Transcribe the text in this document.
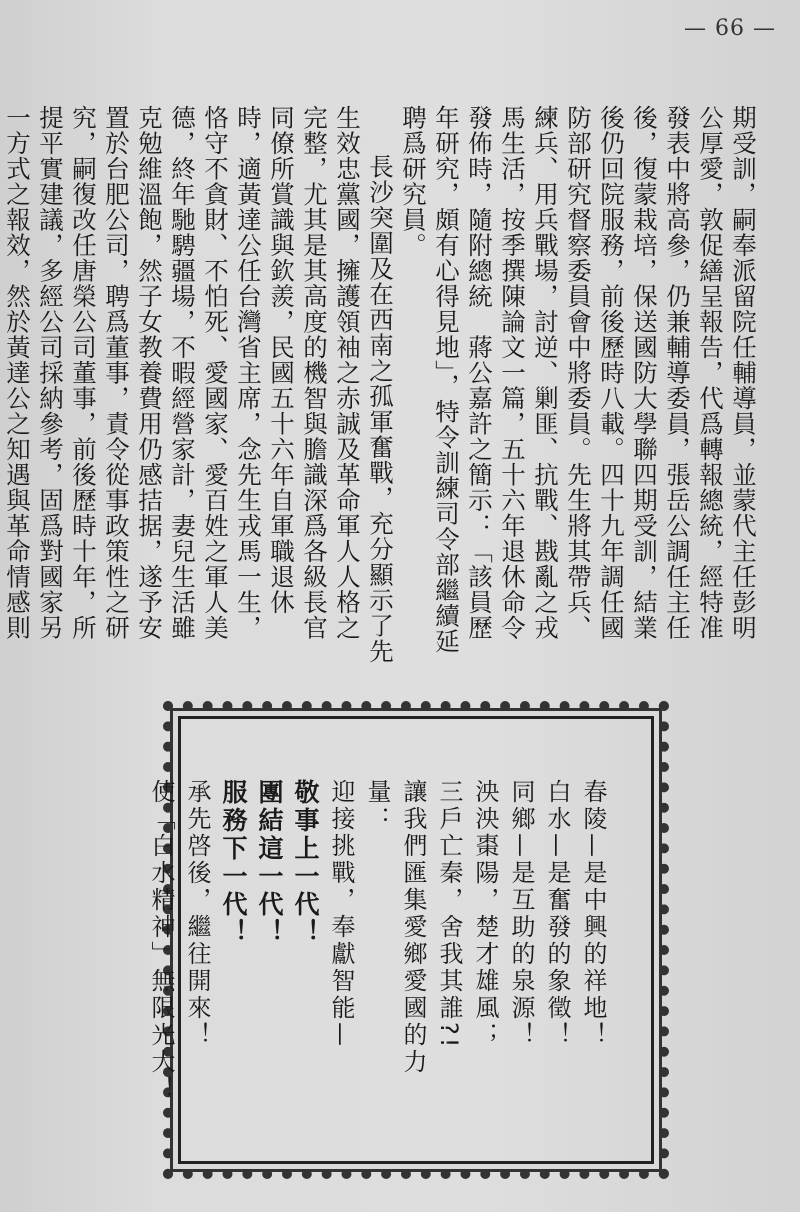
— 66 —

期受訓，嗣奉派留院任輔導員，並蒙代主任彭明公厚愛，敦促繕呈報告，代爲轉報總統，經特准發表中將高參，仍兼輔導委員，張岳公調任主任後，復蒙栽培，保送國防大學聯四期受訓，結業後仍回院服務，前後歷時八載。四十九年調任國防部研究督察委員會中將委員。先生將其帶兵、練兵、用兵戰場，討逆、剿匪、抗戰、戡亂之戎馬生活，按季撰陳論文一篇，五十六年退休命令發佈時，隨附總統　蔣公嘉許之簡示：「該員歷年研究，頗有心得見地」，特令訓練司令部繼續延聘爲研究員。

長沙突圍及在西南之孤軍奮戰，充分顯示了先生效忠黨國，擁護領袖之赤誠及革命軍人人格之完整，尤其是其高度的機智與膽識深爲各級長官同僚所賞識與欽羨，民國五十六年自軍職退休時，適黃達公任台灣省主席，念先生戎馬一生，恪守不貪財、不怕死、愛國家、愛百姓之軍人美德，終年馳騁疆場，不暇經營家計，妻兒生活雖克勉維溫飽，然子女教養費用仍感拮据，遂予安置於台肥公司，聘爲董事，責令從事政策性之研究，嗣復改任唐榮公司董事，前後歷時十年，所提平實建議，多經公司採納參考，固爲對國家另一方式之報效，然於黃達公之知遇與革命情感則

春陵—是中興的祥地！

白水—是奮發的象徵！

同鄉—是互助的泉源！

泱泱棗陽，楚才雄風；

三戶亡秦，舍我其誰?!

讓我們匯集愛鄉愛國的力量：

迎接挑戰，奉獻智能—

敬事上一代！

團結這一代！

服務下一代！

承先啓後，繼往開來！

使「白水精神」無限光大！
